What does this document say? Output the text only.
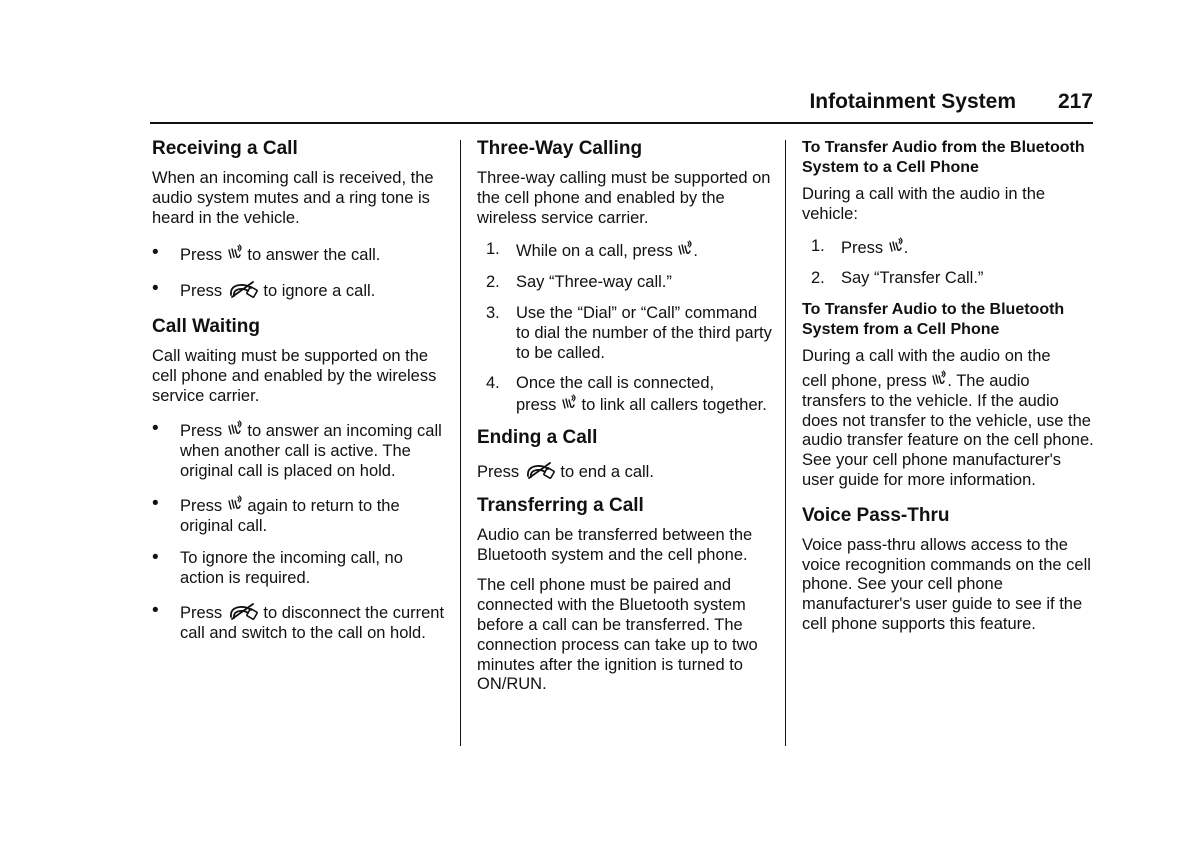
Infotainment System 217
Receiving a Call

When an incoming call is received, the audio system mutes and a ring tone is heard in the vehicle.

• Press to answer the call.
• Press to ignore a call.
Call Waiting

Call waiting must be supported on the cell phone and enabled by the wireless service carrier.

• Press to answer an incoming call when another call is active. The original call is placed on hold.
• Press again to return to the original call.
• To ignore the incoming call, no action is required.
• Press to disconnect the current call and switch to the call on hold.
Three-Way Calling

Three-way calling must be supported on the cell phone and enabled by the wireless service carrier.

1. While on a call, press .
2. Say “Three-way call.”
3. Use the “Dial” or “Call” command to dial the number of the third party to be called.
4. Once the call is connected,
press to link all callers together.
Ending a Call

Press to end a call.

Transferring a Call

Audio can be transferred between the Bluetooth system and the cell phone.

The cell phone must be paired and connected with the Bluetooth system before a call can be transferred. The connection process can take up to two minutes after the ignition is turned to ON/RUN.

To Transfer Audio from the Bluetooth System to a Cell Phone

During a call with the audio in the vehicle:

1. Press .
2. Say “Transfer Call.”
To Transfer Audio to the Bluetooth System from a Cell Phone

During a call with the audio on the
cell phone, press . The audio transfers to the vehicle. If the audio does not transfer to the vehicle, use the audio transfer feature on the cell phone. See your cell phone manufacturer's user guide for more information.

Voice Pass-Thru

Voice pass-thru allows access to the voice recognition commands on the cell phone. See your cell phone manufacturer's user guide to see if the cell phone supports this feature.
